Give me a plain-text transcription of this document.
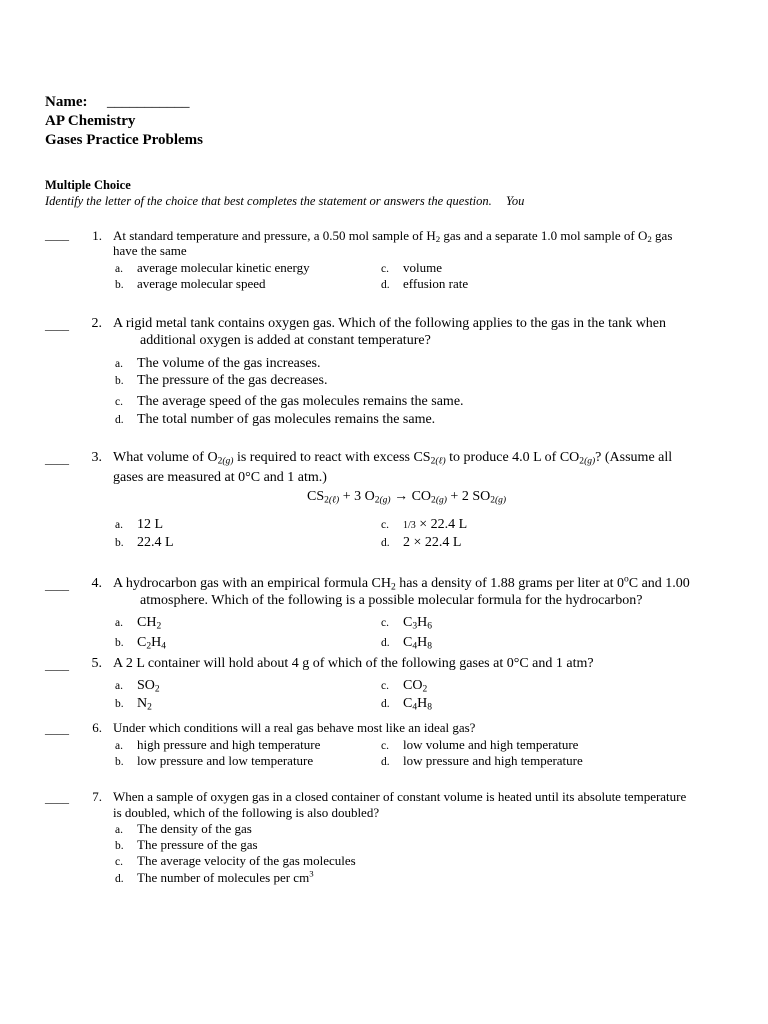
Name: ___________
AP Chemistry
Gases Practice Problems
Multiple Choice
Identify the letter of the choice that best completes the statement or answers the question. You
____	1. At standard temperature and pressure, a 0.50 mol sample of $H_2$ gas and a separate 1.0 mol sample of $O_2$ gas
have the same
a. average molecular kinetic energy	c. volume
b. average molecular speed	d. effusion rate
____	2. A rigid metal tank contains oxygen gas. Which of the following applies to the gas in the tank when
additional oxygen is added at constant temperature?
a. The volume of the gas increases.
b. The pressure of the gas decreases.
c. The average speed of the gas molecules remains the same.
d. The total number of gas molecules remains the same.
____	3. What volume of $O_{2(g)}$ is required to react with excess $CS_{2(\ell)}$ to produce 4.0 L of $CO_{2(g)}$? (Assume all
gases are measured at 0°C and 1 atm.)
$CS_{2(\ell)} + 3$ $O_{2(g)} \to CO_{2(g)} + 2$ $SO_{2(g)}$
a. 12 L	c. 1/3 × 22.4 L
b. 22.4 L	d. 2 × 22.4 L
____	4. A hydrocarbon gas with an empirical formula $CH_2$ has a density of 1.88 grams per liter at 0$^o$C and 1.00
atmosphere. Which of the following is a possible molecular formula for the hydrocarbon?
a. $CH_2$	c. $C_3H_6$
b. $C_2H_4$	d. $C_4H_8$
____	5. A 2 L container will hold about 4 g of which of the following gases at 0°C and 1 atm?
a. $SO_2$	c. $CO_2$
b. $N_2$	d. $C_4H_8$
____	6. Under which conditions will a real gas behave most like an ideal gas?
a. high pressure and high temperature	c. low volume and high temperature
b. low pressure and low temperature	d. low pressure and high temperature
____	7. When a sample of oxygen gas in a closed container of constant volume is heated until its absolute temperature
is doubled, which of the following is also doubled?
a. The density of the gas
b. The pressure of the gas
c. The average velocity of the gas molecules
d. The number of molecules per $cm^3$
